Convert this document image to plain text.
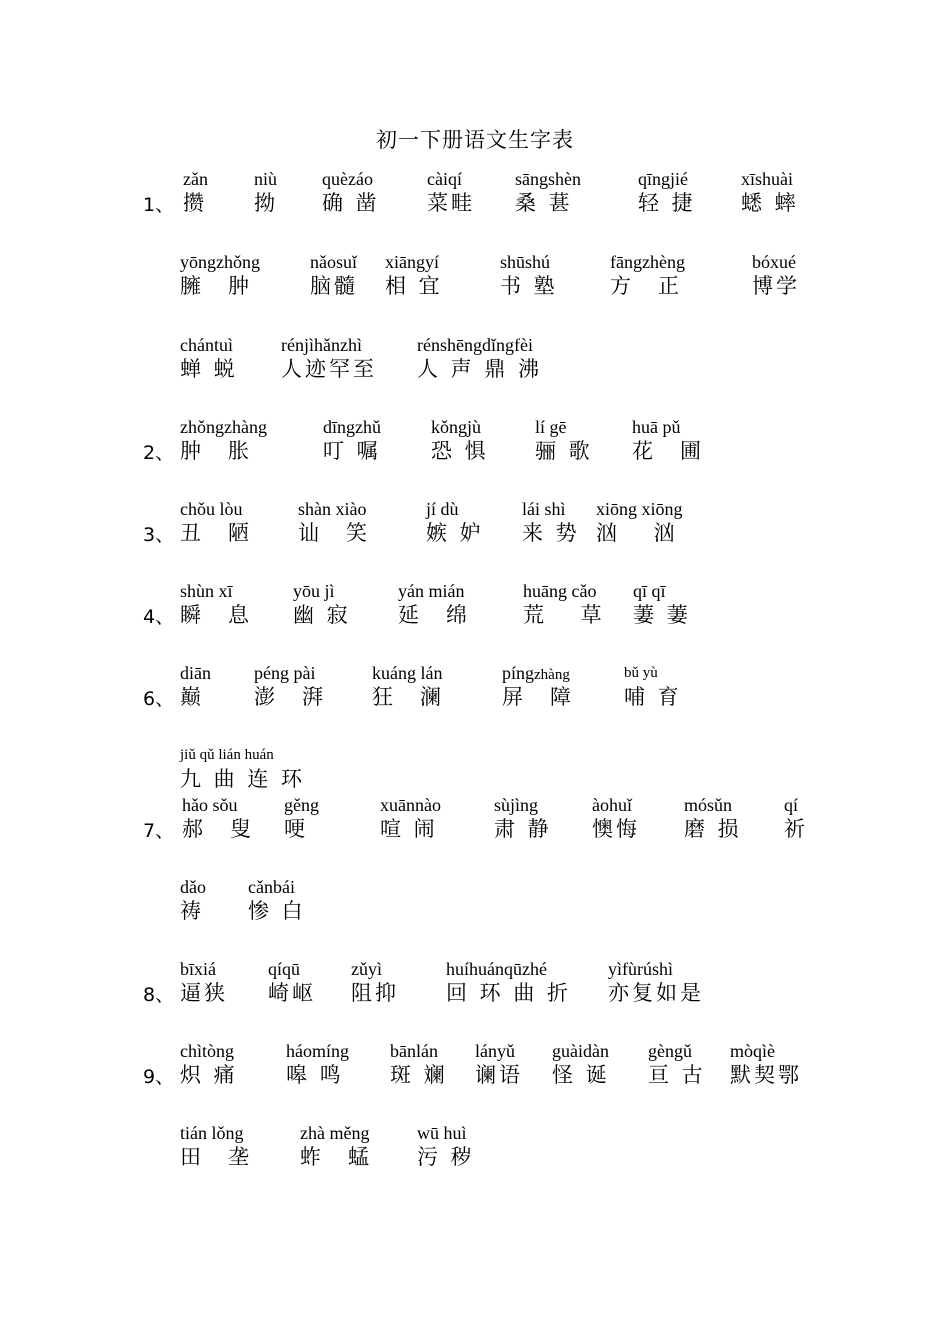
初一下册语文生字表
1、
zǎn
攒
niù
拗
quèzáo
确 凿
càiqí
菜畦
sāngshèn
桑 葚
qīngjié
轻 捷
xīshuài
蟋 蟀
yōngzhǒng
臃　肿
nǎosuǐ
脑髓
xiāngyí
相 宜
shūshú
书 塾
fāngzhèng
方　正
bóxué
博学
chántuì
蝉 蜕
rénjìhǎnzhì
人迹罕至
rénshēngdǐngfèi
人 声 鼎 沸
2、
zhǒngzhàng
肿　胀
dīngzhǔ
叮 嘱
kǒngjù
恐 惧
lí gē
骊 歌
huā pǔ
花　圃
3、
chǒu lòu
丑　陋
shàn xiào
讪　笑
jí dù
嫉 妒
lái shì
来 势
xiōng xiōng
汹　 汹
4、
shùn xī
瞬　息
yōu jì
幽 寂
yán mián
延　绵
huāng cǎo
荒　 草
qī qī
萋 萋
6、
diān
巅
péng pài
澎　湃
kuáng lán
狂　澜
píngzhàng
屏　障
bǔ yù
哺 育
jiǔ qǔ lián huán
九 曲 连 环
7、
hǎo sǒu
郝　叟
gěng
哽
xuānnào
喧 闹
sùjìng
肃 静
àohuǐ
懊悔
mósǔn
磨 损
qí
祈
dǎo
祷
cǎnbái
惨 白
8、
bīxiá
逼狭
qíqū
崎岖
zǔyì
阻抑
huíhuánqūzhé
回 环 曲 折
yìfùrúshì
亦复如是
9、
chìtòng
炽 痛
háomíng
嗥 鸣
bānlán
斑 斓
lányǔ
谰语
guàidàn
怪 诞
gèngǔ
亘 古
mòqìè
默契鄂
tián lǒng
田　垄
zhà měng
蚱　蜢
wū huì
污 秽
